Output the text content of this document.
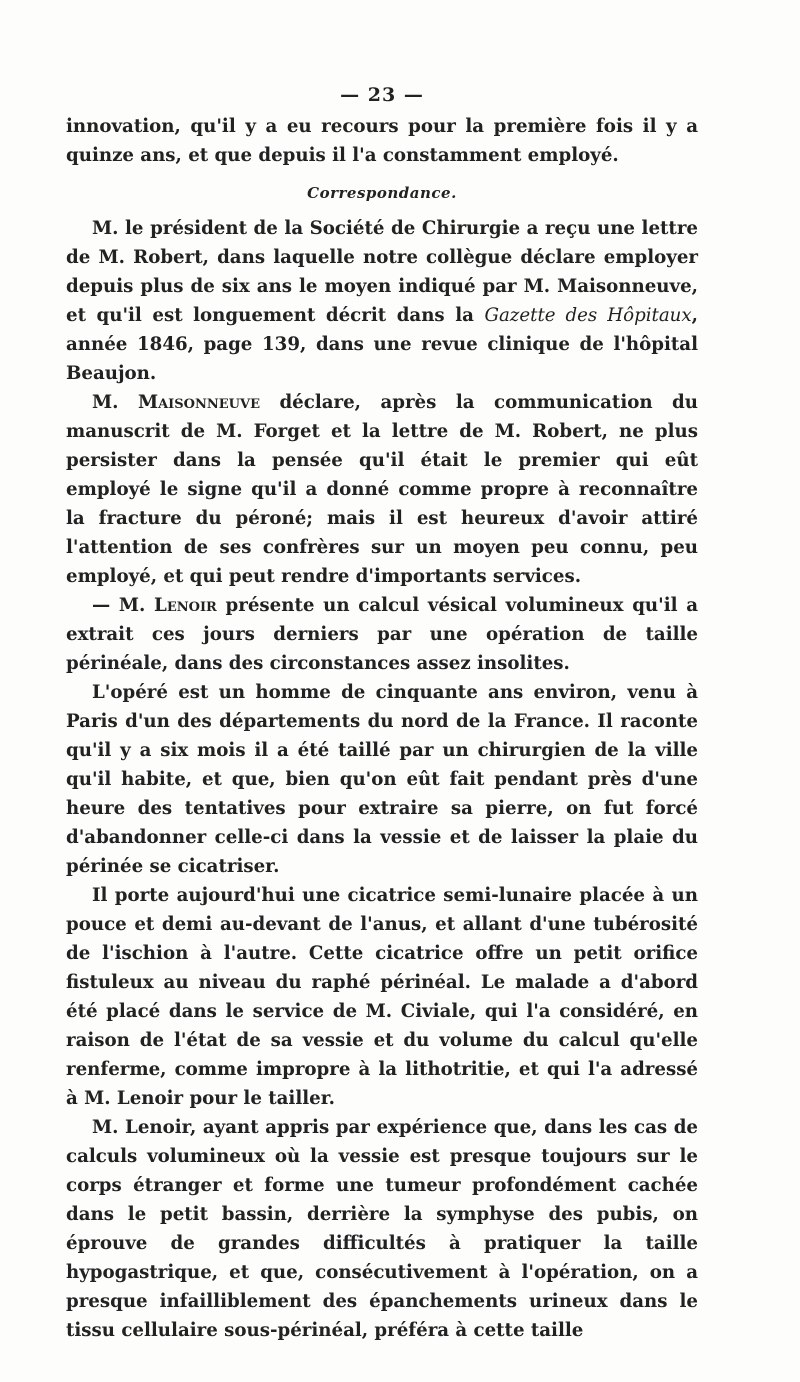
— 23 —

innovation, qu'il y a eu recours pour la première fois il y a quinze ans, et que depuis il l'a constamment employé.

Correspondance.

M. le président de la Société de Chirurgie a reçu une lettre de M. Robert, dans laquelle notre collègue déclare employer depuis plus de six ans le moyen indiqué par M. Maisonneuve, et qu'il est longuement décrit dans la Gazette des Hôpitaux, année 1846, page 139, dans une revue clinique de l'hôpital Beaujon.

M. Maisonneuve déclare, après la communication du manuscrit de M. Forget et la lettre de M. Robert, ne plus persister dans la pensée qu'il était le premier qui eût employé le signe qu'il a donné comme propre à reconnaître la fracture du péroné; mais il est heureux d'avoir attiré l'attention de ses confrères sur un moyen peu connu, peu employé, et qui peut rendre d'importants services.

— M. Lenoir présente un calcul vésical volumineux qu'il a extrait ces jours derniers par une opération de taille périnéale, dans des circonstances assez insolites.

L'opéré est un homme de cinquante ans environ, venu à Paris d'un des départements du nord de la France. Il raconte qu'il y a six mois il a été taillé par un chirurgien de la ville qu'il habite, et que, bien qu'on eût fait pendant près d'une heure des tentatives pour extraire sa pierre, on fut forcé d'abandonner celle-ci dans la vessie et de laisser la plaie du périnée se cicatriser.

Il porte aujourd'hui une cicatrice semi-lunaire placée à un pouce et demi au-devant de l'anus, et allant d'une tubérosité de l'ischion à l'autre. Cette cicatrice offre un petit orifice fistuleux au niveau du raphé périnéal. Le malade a d'abord été placé dans le service de M. Civiale, qui l'a considéré, en raison de l'état de sa vessie et du volume du calcul qu'elle renferme, comme impropre à la lithotritie, et qui l'a adressé à M. Lenoir pour le tailler.

M. Lenoir, ayant appris par expérience que, dans les cas de calculs volumineux où la vessie est presque toujours sur le corps étranger et forme une tumeur profondément cachée dans le petit bassin, derrière la symphyse des pubis, on éprouve de grandes difficultés à pratiquer la taille hypogastrique, et que, consécutivement à l'opération, on a presque infailliblement des épanchements urineux dans le tissu cellulaire sous-périnéal, préféra à cette taille
